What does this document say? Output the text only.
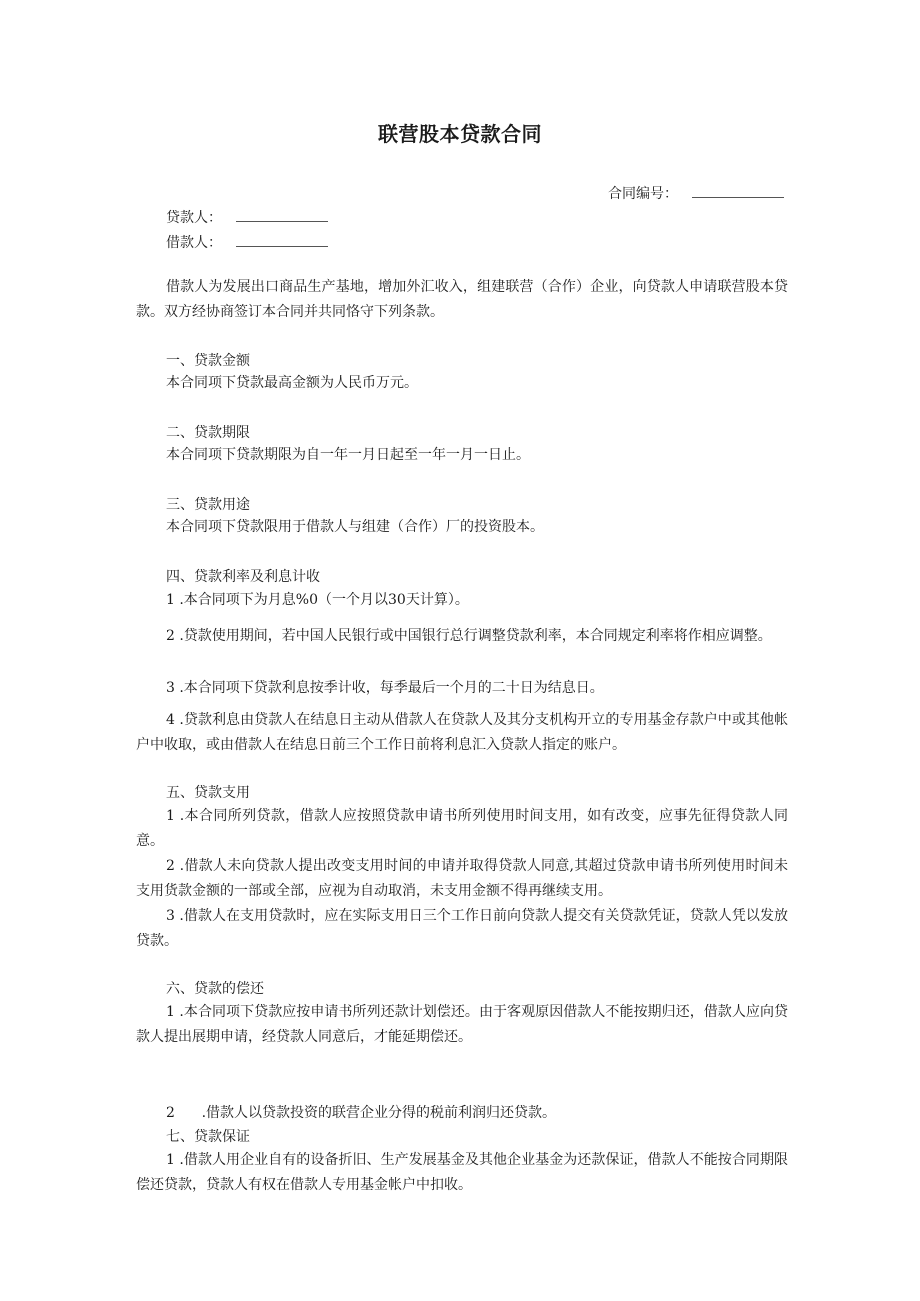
联营股本贷款合同
合同编号：
贷款人：
借款人：

借款人为发展出口商品生产基地，增加外汇收入，组建联营（合作）企业，向贷款人申请联营股本贷款。双方经协商签订本合同并共同恪守下列条款。

一、贷款金额

本合同项下贷款最高金额为人民币万元。

二、贷款期限

本合同项下贷款期限为自一年一月日起至一年一月一日止。

三、贷款用途

本合同项下贷款限用于借款人与组建（合作）厂的投资股本。

四、贷款利率及利息计收

1 .本合同项下为月息%0（一个月以30天计算）。

2 .贷款使用期间，若中国人民银行或中国银行总行调整贷款利率，本合同规定利率将作相应调整。

3 .本合同项下贷款利息按季计收，每季最后一个月的二十日为结息日。

4 .贷款利息由贷款人在结息日主动从借款人在贷款人及其分支机构开立的专用基金存款户中或其他帐户中收取，或由借款人在结息日前三个工作日前将利息汇入贷款人指定的账户。

五、贷款支用

1 .本合同所列贷款，借款人应按照贷款申请书所列使用时间支用，如有改变，应事先征得贷款人同意。

2 .借款人未向贷款人提出改变支用时间的申请并取得贷款人同意,其超过贷款申请书所列使用时间未支用货款金额的一部或全部，应视为自动取消，未支用金额不得再继续支用。

3 .借款人在支用贷款时，应在实际支用日三个工作日前向贷款人提交有关贷款凭证，贷款人凭以发放贷款。

六、贷款的偿还

1 .本合同项下贷款应按申请书所列还款计划偿还。由于客观原因借款人不能按期归还，借款人应向贷款人提出展期申请，经贷款人同意后，才能延期偿还。

2      .借款人以贷款投资的联营企业分得的税前利润归还贷款。

七、贷款保证

1 .借款人用企业自有的设备折旧、生产发展基金及其他企业基金为还款保证，借款人不能按合同期限偿还贷款，贷款人有权在借款人专用基金帐户中扣收。
